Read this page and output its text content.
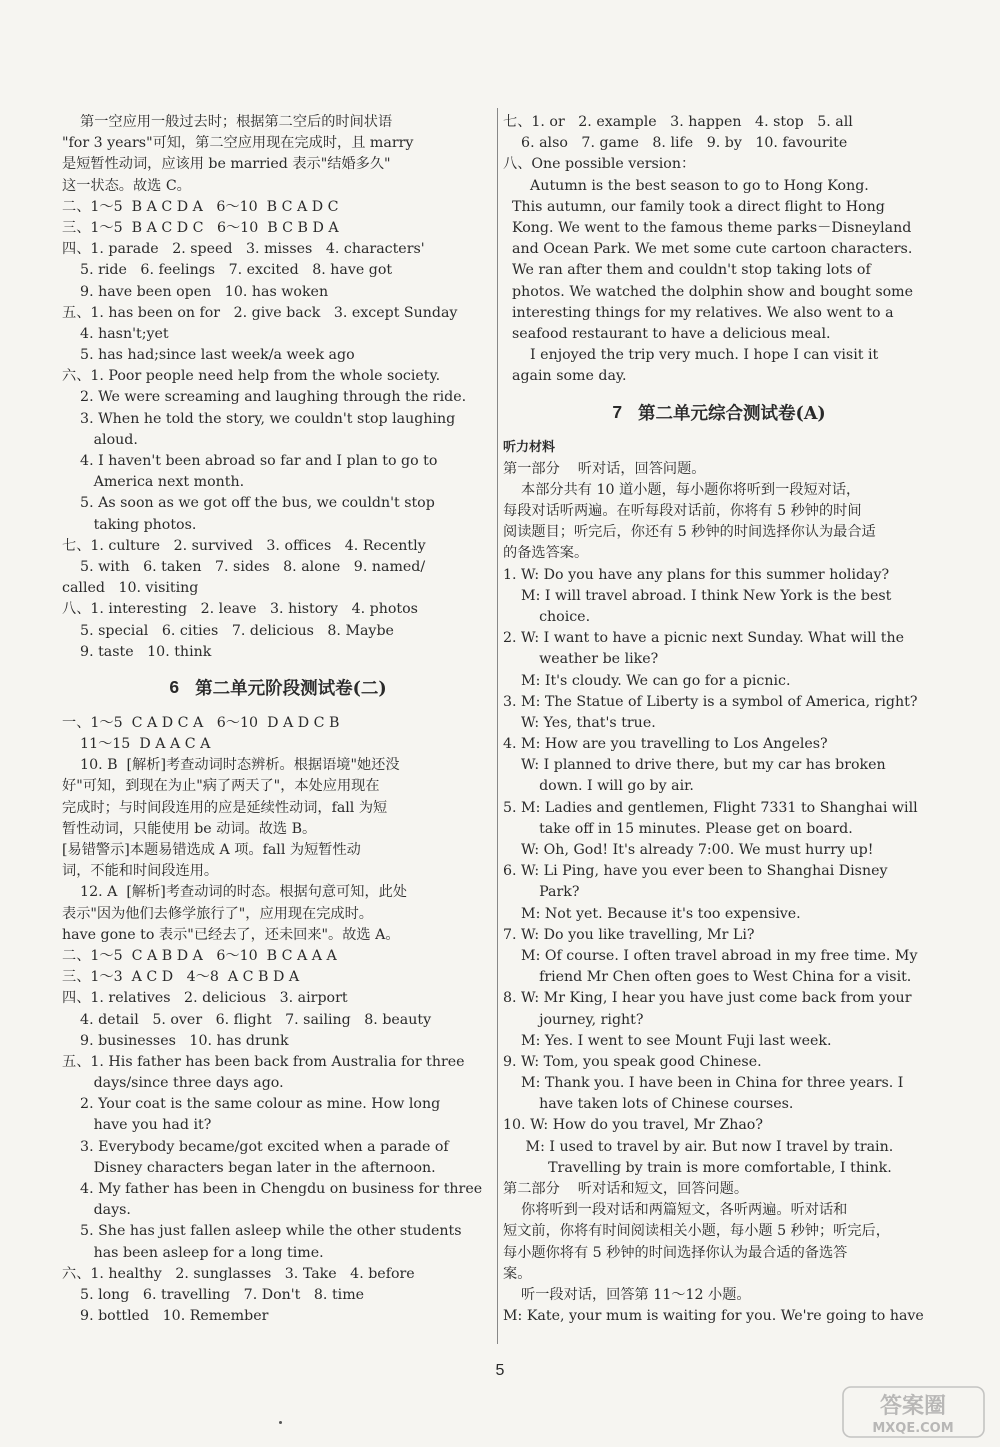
第一空应用一般过去时；根据第二空后的时间状语
"for 3 years"可知，第二空应用现在完成时，且 marry
是短暂性动词，应该用 be married 表示"结婚多久"
这一状态。故选 C。
二、1～5  B A C D A   6～10  B C A D C
三、1～5  B A C D C   6～10  B C B D A
四、1. parade   2. speed   3. misses   4. characters'
5. ride   6. feelings   7. excited   8. have got
9. have been open   10. has woken
五、1. has been on for   2. give back   3. except Sunday
4. hasn't;yet
5. has had;since last week/a week ago
六、1. Poor people need help from the whole society.
2. We were screaming and laughing through the ride.
3. When he told the story, we couldn't stop laughing
aloud.
4. I haven't been abroad so far and I plan to go to
America next month.
5. As soon as we got off the bus, we couldn't stop
taking photos.
七、1. culture   2. survived   3. offices   4. Recently
5. with   6. taken   7. sides   8. alone   9. named/
called   10. visiting
八、1. interesting   2. leave   3. history   4. photos
5. special   6. cities   7. delicious   8. Maybe
9. taste   10. think
6 第二单元阶段测试卷(二)
一、1～5  C A D C A   6～10  D A D C B
11～15  D A A C A
10. B  [解析]考查动词时态辨析。根据语境"她还没
好"可知，到现在为止"病了两天了"，本处应用现在
完成时；与时间段连用的应是延续性动词，fall 为短
暂性动词，只能使用 be 动词。故选 B。
[易错警示]本题易错选成 A 项。fall 为短暂性动
词，不能和时间段连用。
12. A  [解析]考查动词的时态。根据句意可知，此处
表示"因为他们去修学旅行了"，应用现在完成时。
have gone to 表示"已经去了，还未回来"。故选 A。
二、1～5  C A B D A   6～10  B C A A A
三、1～3  A C D   4～8  A C B D A
四、1. relatives   2. delicious   3. airport
4. detail   5. over   6. flight   7. sailing   8. beauty
9. businesses   10. has drunk
五、1. His father has been back from Australia for three
days/since three days ago.
2. Your coat is the same colour as mine. How long
have you had it?
3. Everybody became/got excited when a parade of
Disney characters began later in the afternoon.
4. My father has been in Chengdu on business for three
days.
5. She has just fallen asleep while the other students
has been asleep for a long time.
六、1. healthy   2. sunglasses   3. Take   4. before
5. long   6. travelling   7. Don't   8. time
9. bottled   10. Remember
七、1. or   2. example   3. happen   4. stop   5. all
6. also   7. game   8. life   9. by   10. favourite
八、One possible version：
Autumn is the best season to go to Hong Kong.
This autumn, our family took a direct flight to Hong
Kong. We went to the famous theme parks－Disneyland
and Ocean Park. We met some cute cartoon characters.
We ran after them and couldn't stop taking lots of
photos. We watched the dolphin show and bought some
interesting things for my relatives. We also went to a
seafood restaurant to have a delicious meal.
I enjoyed the trip very much. I hope I can visit it
again some day.
7 第二单元综合测试卷(A)
听力材料
第一部分    听对话，回答问题。
本部分共有 10 道小题，每小题你将听到一段短对话，
每段对话听两遍。在听每段对话前，你将有 5 秒钟的时间
阅读题目；听完后，你还有 5 秒钟的时间选择你认为最合适
的备选答案。
1. W: Do you have any plans for this summer holiday?
M: I will travel abroad. I think New York is the best
choice.
2. W: I want to have a picnic next Sunday. What will the
weather be like?
M: It's cloudy. We can go for a picnic.
3. M: The Statue of Liberty is a symbol of America, right?
W: Yes, that's true.
4. M: How are you travelling to Los Angeles?
W: I planned to drive there, but my car has broken
down. I will go by air.
5. M: Ladies and gentlemen, Flight 7331 to Shanghai will
take off in 15 minutes. Please get on board.
W: Oh, God! It's already 7:00. We must hurry up!
6. W: Li Ping, have you ever been to Shanghai Disney
Park?
M: Not yet. Because it's too expensive.
7. W: Do you like travelling, Mr Li?
M: Of course. I often travel abroad in my free time. My
friend Mr Chen often goes to West China for a visit.
8. W: Mr King, I hear you have just come back from your
journey, right?
M: Yes. I went to see Mount Fuji last week.
9. W: Tom, you speak good Chinese.
M: Thank you. I have been in China for three years. I
have taken lots of Chinese courses.
10. W: How do you travel, Mr Zhao?
M: I used to travel by air. But now I travel by train.
Travelling by train is more comfortable, I think.
第二部分    听对话和短文，回答问题。
你将听到一段对话和两篇短文，各听两遍。听对话和
短文前，你将有时间阅读相关小题，每小题 5 秒钟；听完后，
每小题你将有 5 秒钟的时间选择你认为最合适的备选答
案。
听一段对话，回答第 11～12 小题。
M: Kate, your mum is waiting for you. We're going to have
5
答案圈
MXQE.COM
